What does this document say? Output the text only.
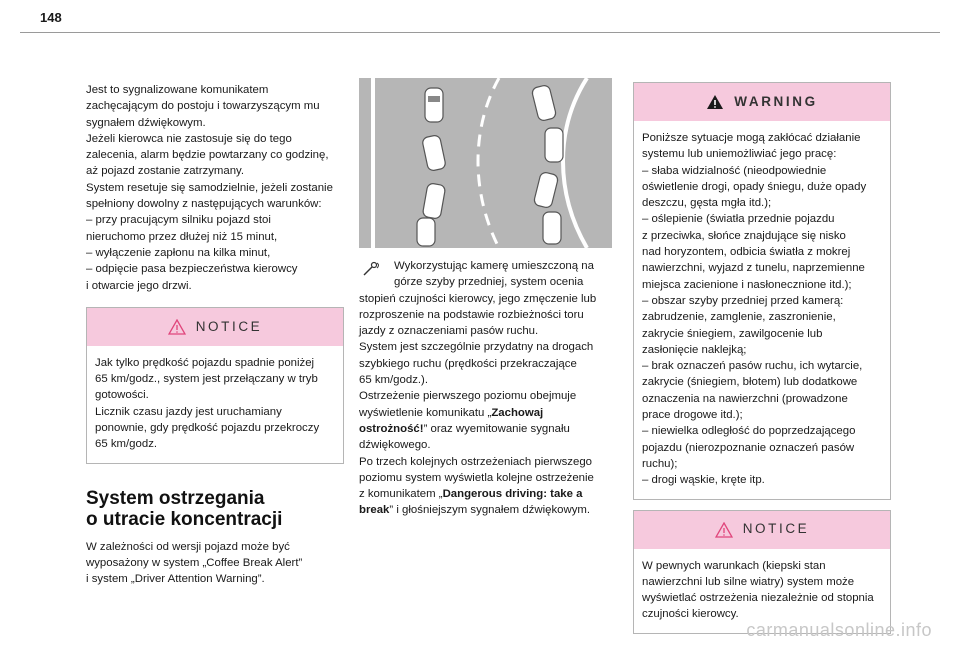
148

Jest to sygnalizowane komunikatem
zachęcającym do postoju i towarzyszącym mu
sygnałem dźwiękowym.
Jeżeli kierowca nie zastosuje się do tego
zalecenia, alarm będzie powtarzany co godzinę,
aż pojazd zostanie zatrzymany.
System resetuje się samodzielnie, jeżeli zostanie
spełniony dowolny z następujących warunków:
– przy pracującym silniku pojazd stoi
nieruchomo przez dłużej niż 15 minut,
– wyłączenie zapłonu na kilka minut,
– odpięcie pasa bezpieczeństwa kierowcy
i otwarcie jego drzwi.

NOTICE
Jak tylko prędkość pojazdu spadnie poniżej
65 km/godz., system jest przełączany w tryb
gotowości.
Licznik czasu jazdy jest uruchamiany
ponownie, gdy prędkość pojazdu przekroczy
65 km/godz.
System ostrzegania
o utracie koncentracji

W zależności od wersji pojazd może być
wyposażony w system „Coffee Break Alert”
i system „Driver Attention Warning”.

Wykorzystując kamerę umieszczoną na
górze szyby przedniej, system ocenia
stopień czujności kierowcy, jego zmęczenie lub
rozproszenie na podstawie rozbieżności toru
jazdy z oznaczeniami pasów ruchu.
System jest szczególnie przydatny na drogach
szybkiego ruchu (prędkości przekraczające
65 km/godz.).
Ostrzeżenie pierwszego poziomu obejmuje
wyświetlenie komunikatu „Zachowaj
ostrożność!” oraz wyemitowanie sygnału
dźwiękowego.
Po trzech kolejnych ostrzeżeniach pierwszego
poziomu system wyświetla kolejne ostrzeżenie
z komunikatem „Dangerous driving: take a
break” i głośniejszym sygnałem dźwiękowym.
WARNING
Poniższe sytuacje mogą zakłócać działanie
systemu lub uniemożliwiać jego pracę:
– słaba widzialność (nieodpowiednie
oświetlenie drogi, opady śniegu, duże opady
deszczu, gęsta mgła itd.);
– oślepienie (światła przednie pojazdu
z przeciwka, słońce znajdujące się nisko
nad horyzontem, odbicia światła z mokrej
nawierzchni, wyjazd z tunelu, naprzemienne
miejsca zacienione i nasłonecznione itd.);
– obszar szyby przedniej przed kamerą:
zabrudzenie, zamglenie, zaszronienie,
zakrycie śniegiem, zawilgocenie lub
zasłonięcie naklejką;
– brak oznaczeń pasów ruchu, ich wytarcie,
zakrycie (śniegiem, błotem) lub dodatkowe
oznaczenia na nawierzchni (prowadzone
prace drogowe itd.);
– niewielka odległość do poprzedzającego
pojazdu (nierozpoznanie oznaczeń pasów
ruchu);
– drogi wąskie, kręte itp.
NOTICE
W pewnych warunkach (kiepski stan
nawierzchni lub silne wiatry) system może
wyświetlać ostrzeżenia niezależnie od stopnia
czujności kierowcy.
carmanualsonline.info
